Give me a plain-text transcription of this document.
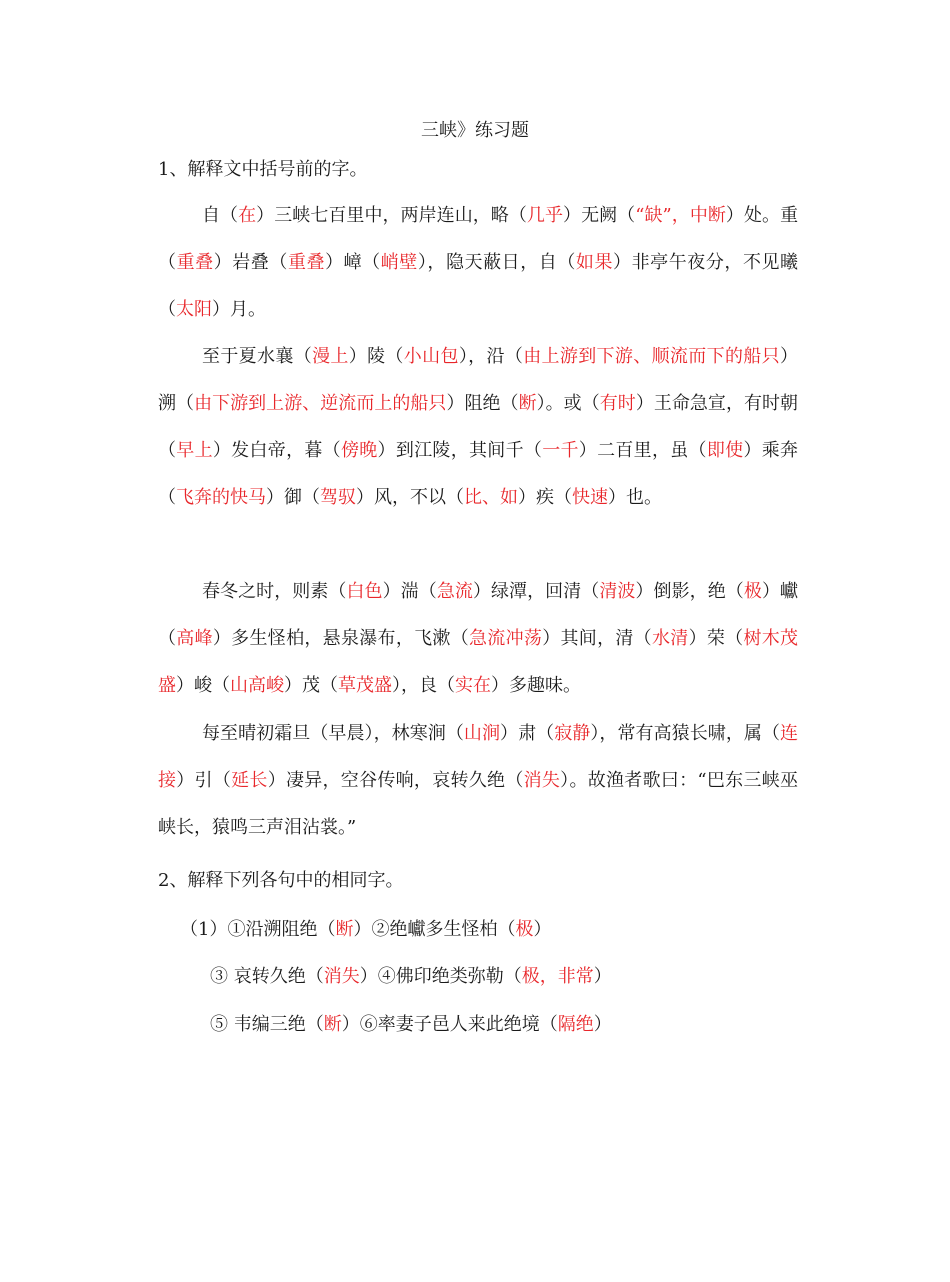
三峡》练习题
1、解释文中括号前的字。
自（在）三峡七百里中，两岸连山，略（几乎）无阙（“缺”，中断）处。重（重叠）岩叠（重叠）嶂（峭壁），隐天蔽日，自（如果）非亭午夜分，不见曦（太阳）月。
至于夏水襄（漫上）陵（小山包），沿（由上游到下游、顺流而下的船只）溯（由下游到上游、逆流而上的船只）阻绝（断）。或（有时）王命急宣，有时朝（早上）发白帝，暮（傍晚）到江陵，其间千（一千）二百里，虽（即使）乘奔（飞奔的快马）御（驾驭）风，不以（比、如）疾（快速）也。
春冬之时，则素（白色）湍（急流）绿潭，回清（清波）倒影，绝（极）巘（高峰）多生怪柏，悬泉瀑布，飞漱（急流冲荡）其间，清（水清）荣（树木茂盛）峻（山高峻）茂（草茂盛），良（实在）多趣味。
每至晴初霜旦（早晨），林寒涧（山涧）肃（寂静），常有高猿长啸，属（连接）引（延长）凄异，空谷传响，哀转久绝（消失）。故渔者歌曰：“巴东三峡巫峡长，猿鸣三声泪沾裳。”
2、解释下列各句中的相同字。
（1）①沿溯阻绝（断）②绝巘多生怪柏（极）
③ 哀转久绝（消失）④佛印绝类弥勒（极，非常）
⑤ 韦编三绝（断）⑥率妻子邑人来此绝境（隔绝）
